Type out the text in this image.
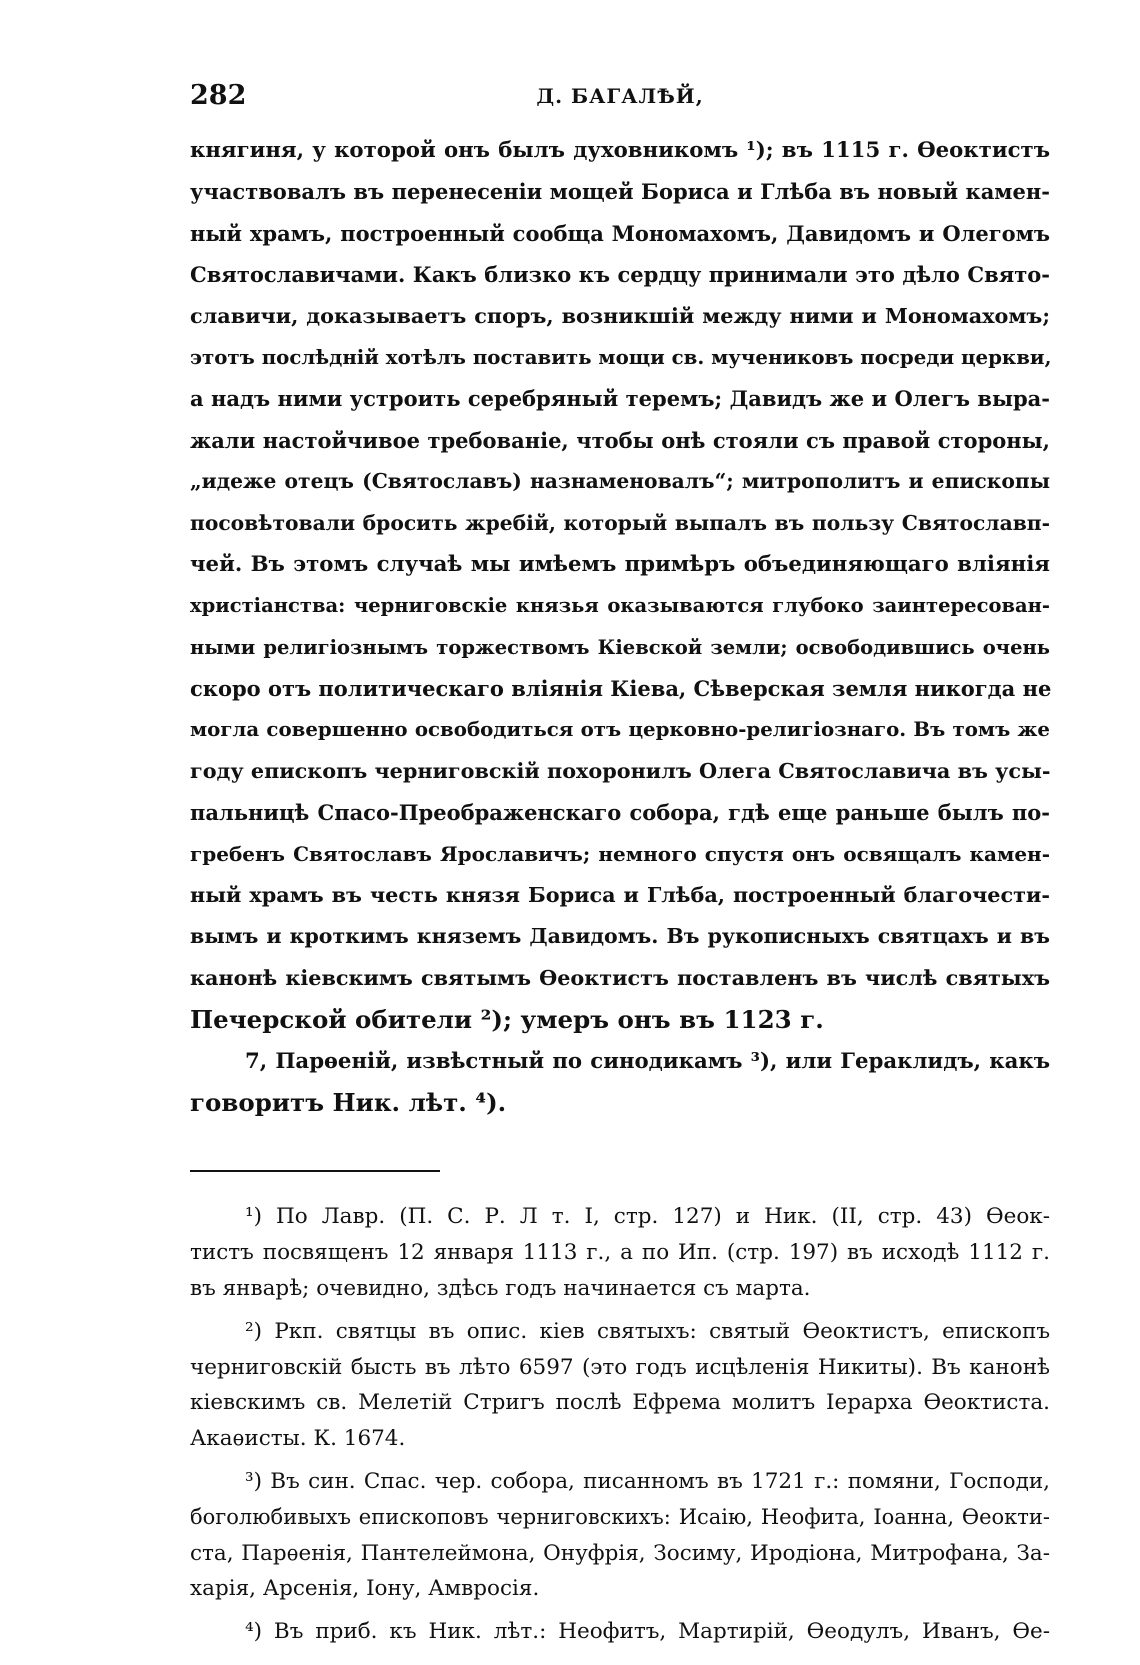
282	Д. БАГАЛѢЙ,
княгиня, у которой онъ былъ духовникомъ ¹); въ 1115 г. Ѳеоктистъ
участвовалъ въ перенесеніи мощей Бориса и Глѣба въ новый камен-
ный храмъ, построенный сообща Мономахомъ, Давидомъ и Олегомъ
Святославичами. Какъ близко къ сердцу принимали это дѣло Свято-
славичи, доказываетъ споръ, возникшій между ними и Мономахомъ;
этотъ послѣдній хотѣлъ поставить мощи св. мучениковъ посреди церкви,
а надъ ними устроить серебряный теремъ; Давидъ же и Олегъ выра-
жали настойчивое требованіе, чтобы онѣ стояли съ правой стороны,
„идеже отецъ (Святославъ) назнаменовалъ“; митрополитъ и епископы
посовѣтовали бросить жребій, который выпалъ въ пользу Святославп-
чей. Въ этомъ случаѣ мы имѣемъ примѣръ объединяющаго вліянія
христіанства: черниговскіе князья оказываются глубоко заинтересован-
ными религіознымъ торжествомъ Кіевской земли; освободившись очень
скоро отъ политическаго вліянія Кіева, Сѣверская земля никогда не
могла совершенно освободиться отъ церковно-религіознаго. Въ томъ же
году епископъ черниговскій похоронилъ Олега Святославича въ усы-
пальницѣ Спасо-Преображенскаго собора, гдѣ еще раньше былъ по-
гребенъ Святославъ Ярославичъ; немного спустя онъ освящалъ камен-
ный храмъ въ честь князя Бориса и Глѣба, построенный благочести-
вымъ и кроткимъ княземъ Давидомъ. Въ рукописныхъ святцахъ и въ
канонѣ кіевскимъ святымъ Ѳеоктистъ поставленъ въ числѣ святыхъ
Печерской обители ²); умеръ онъ въ 1123 г.
7, Парѳеній, извѣстный по синодикамъ ³), или Гераклидъ, какъ
говоритъ Ник. лѣт. ⁴).
¹) По Лавр. (П. С. Р. Л т. I, стр. 127) и Ник. (II, стр. 43) Ѳеок-
тистъ посвященъ 12 января 1113 г., а по Ип. (стр. 197) въ исходѣ 1112 г.
въ январѣ; очевидно, здѣсь годъ начинается съ марта.
²) Ркп. святцы въ опис. кіев святыхъ: святый Ѳеоктистъ, епископъ
черниговскій бысть въ лѣто 6597 (это годъ исцѣленія Никиты). Въ канонѣ
кіевскимъ св. Мелетій Стригъ послѣ Ефрема молитъ Іерарха Ѳеоктиста.
Акаѳисты. К. 1674.
³) Въ син. Спас. чер. собора, писанномъ въ 1721 г.: помяни, Господи,
боголюбивыхъ епископовъ черниговскихъ: Исаію, Неофита, Іоанна, Ѳеокти-
ста, Парѳенія, Пантелеймона, Онуфрія, Зосиму, Иродіона, Митрофана, За-
харія, Арсенія, Іону, Амвросія.
⁴) Въ приб. къ Ник. лѣт.: Неофитъ, Мартирій, Ѳеодулъ, Иванъ, Ѳе-
